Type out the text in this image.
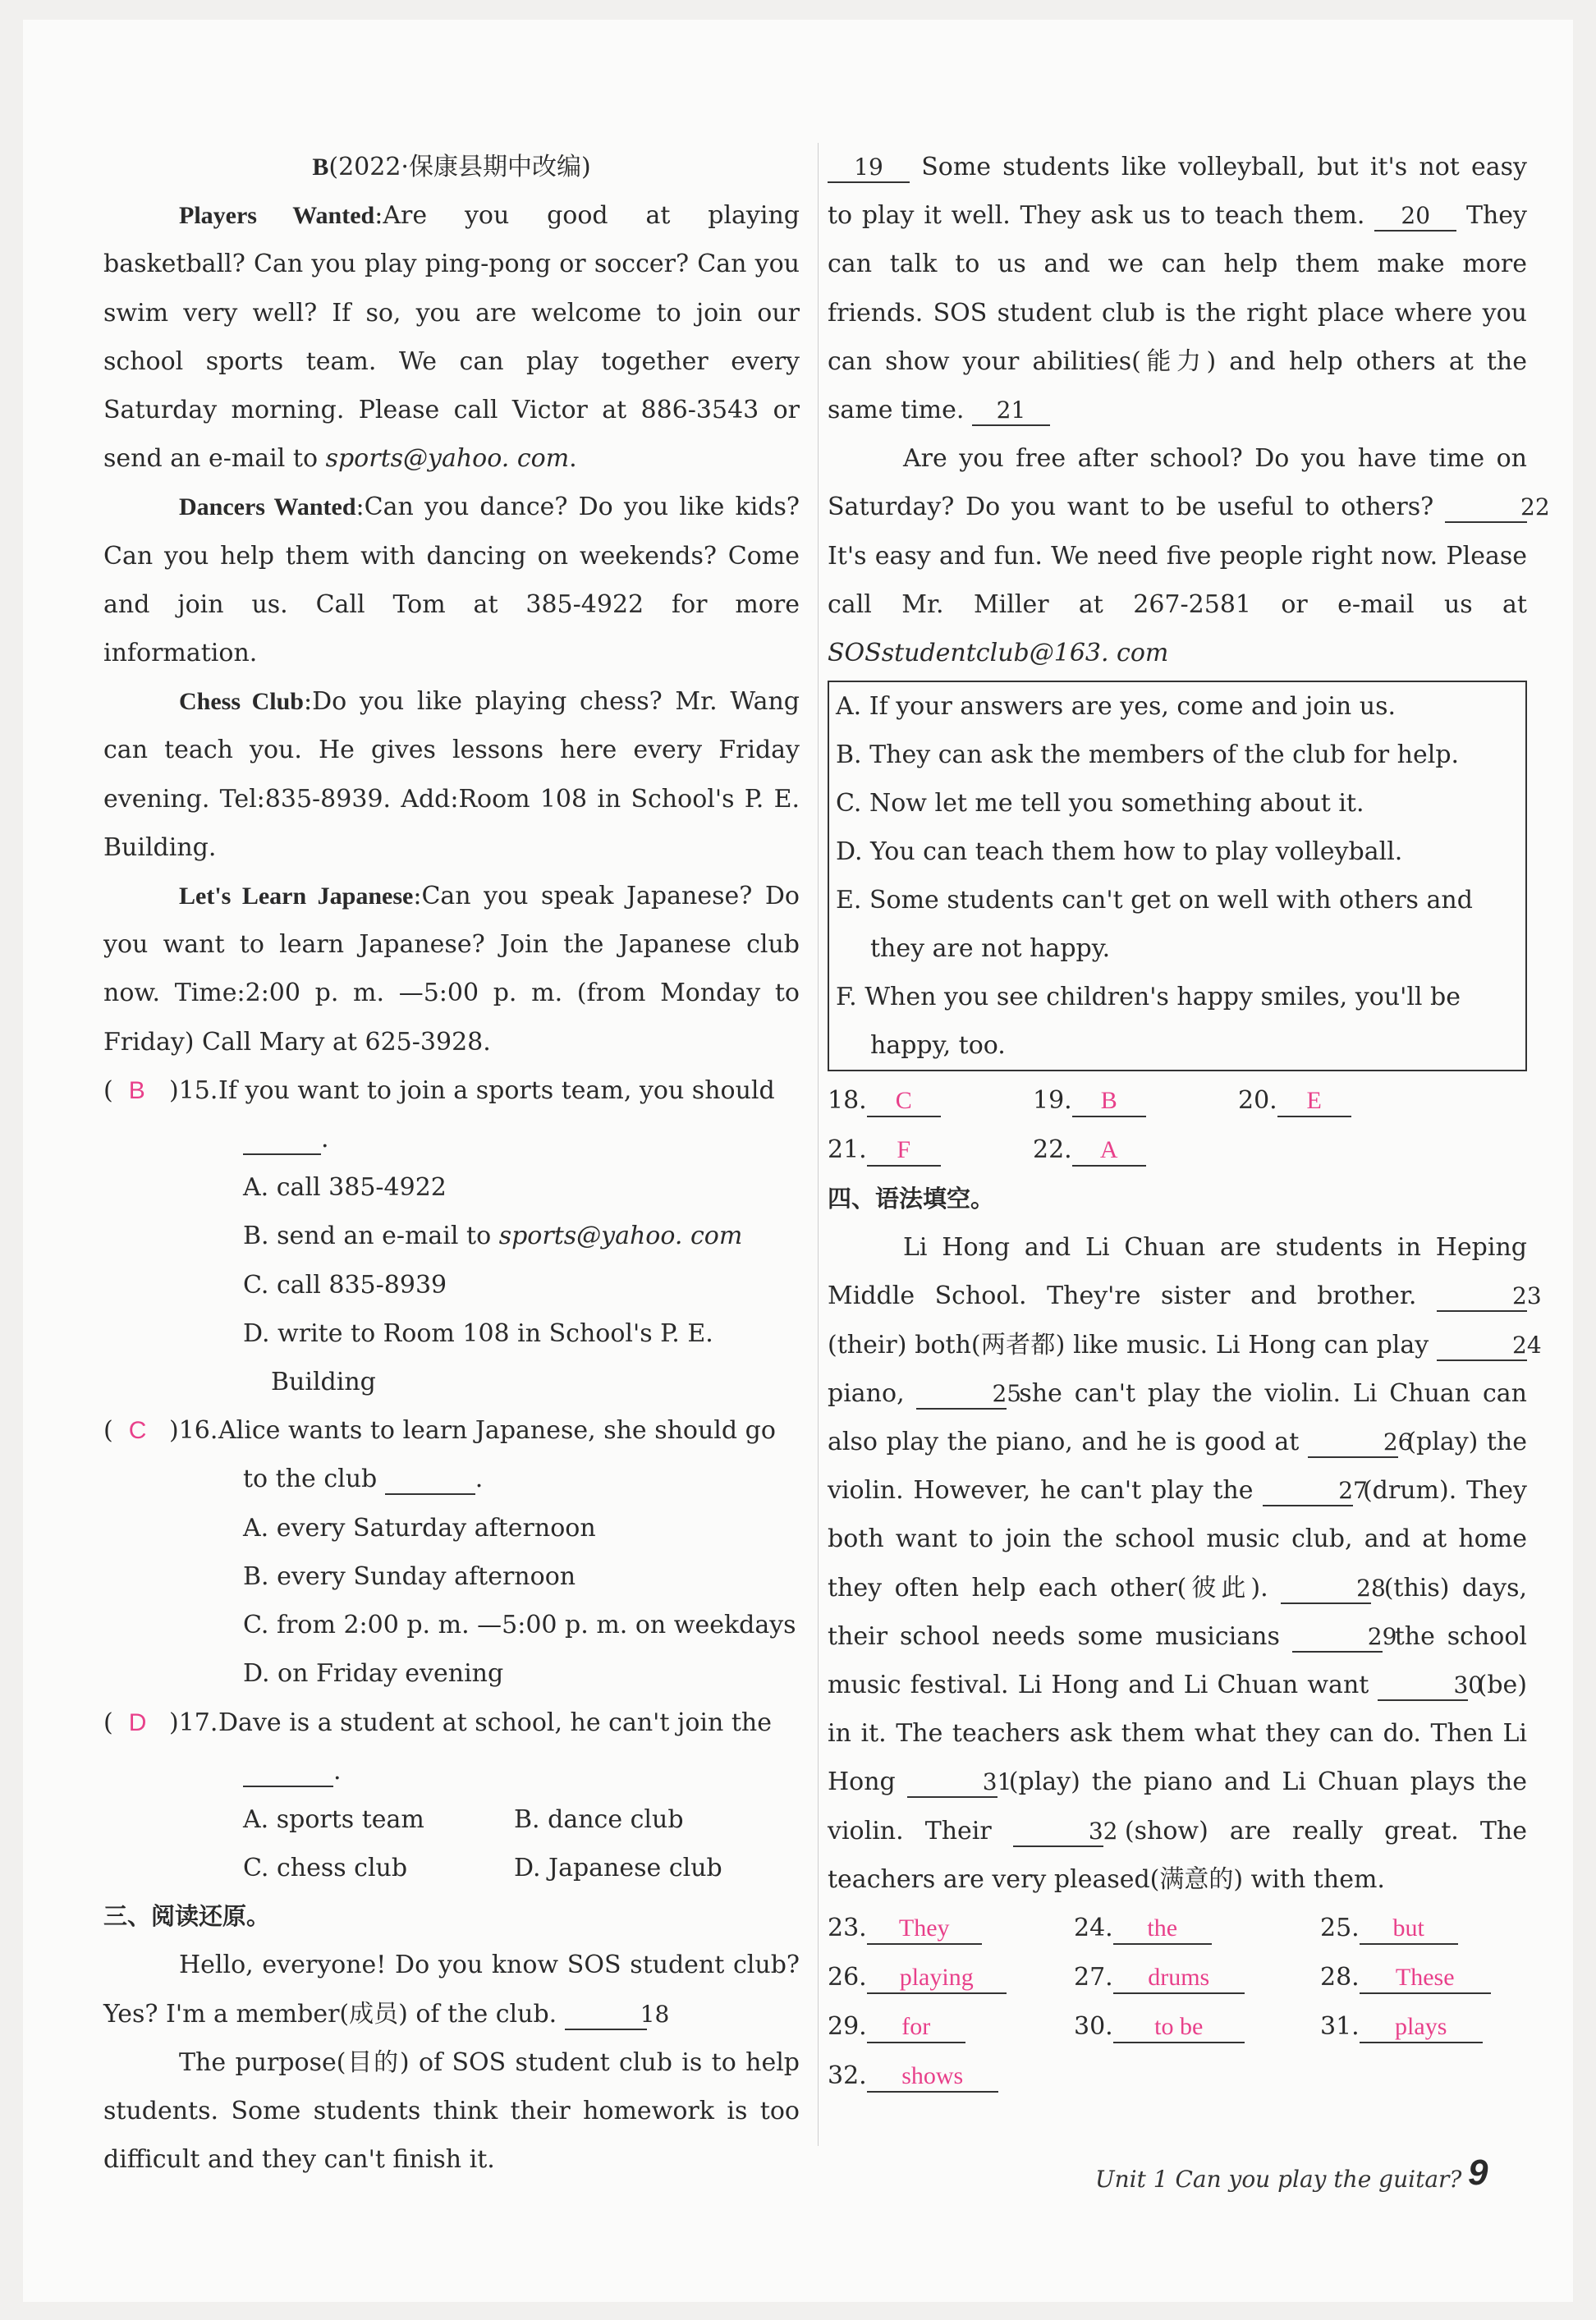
B(2022·保康县期中改编)

Players Wanted:Are you good at playing basketball? Can you play ping-pong or soccer? Can you swim very well? If so, you are welcome to join our school sports team. We can play together every Saturday morning. Please call Victor at 886-3543 or send an e-mail to sports@yahoo. com.

Dancers Wanted:Can you dance? Do you like kids? Can you help them with dancing on weekends? Come and join us. Call Tom at 385-4922 for more information.

Chess Club:Do you like playing chess? Mr. Wang can teach you. He gives lessons here every Friday evening. Tel:835-8939. Add:Room 108 in School's P. E. Building.

Let's Learn Japanese:Can you speak Japanese? Do you want to learn Japanese? Join the Japanese club now. Time:2:00 p. m. —5:00 p. m. (from Monday to Friday) Call Mary at 625-3928.

(  B )15. If you want to join a sports team, you should
.
A. call 385-4922
B. send an e-mail to sports@yahoo. com
C. call 835-8939
D. write to Room 108 in School's P. E. Building
(  C )16. Alice wants to learn Japanese, she should go
to the club	.
A. every Saturday afternoon
B. every Sunday afternoon
C. from 2:00 p. m. —5:00 p. m. on weekdays
D. on Friday evening
(  D )17. Dave is a student at school, he can't join the
.
A. sports team	B. dance club
C. chess club	D. Japanese club

三、阅读还原。

Hello, everyone! Do you know SOS student club? Yes? I'm a member(成员) of the club.	18

The purpose(目的) of SOS student club is to help students. Some students think their homework is too difficult and they can't finish it.

19 Some students like volleyball, but it's not easy to play it well. They ask us to teach them. 20 They can talk to us and we can help them make more friends. SOS student club is the right place where you can show your abilities(能力) and help others at the same time. 21

Are you free after school? Do you have time on Saturday? Do you want to be useful to others?	22 It's easy and fun. We need five people right now. Please call Mr. Miller at 267-2581 or e-mail us at SOSstudentclub@163. com

A. If your answers are yes, come and join us.
B. They can ask the members of the club for help.
C. Now let me tell you something about it.
D. You can teach them how to play volleyball.
E. Some students can't get on well with others and they are not happy.
F. When you see children's happy smiles, you'll be happy, too.
18.	C	19.	B	20.	E
21.	F	22.	A

四、语法填空。

Li Hong and Li Chuan are students in Heping Middle School. They're sister and brother.	23 (their) both(两者都) like music. Li Hong can play	24 piano,	25 she can't play the violin. Li Chuan can also play the piano, and he is good at	26 (play) the violin. However, he can't play the	27 (drum). They both want to join the school music club, and at home they often help each other(彼此).	28 (this) days, their school needs some musicians	29 the school music festival. Li Hong and Li Chuan want	30 (be) in it. The teachers ask them what they can do. Then Li Hong	31 (play) the piano and Li Chuan plays the violin. Their	32 (show) are really great. The teachers are very pleased(满意的) with them.

23.	They	24.	the	25.	but
26.	playing	27.	drums	28.	These
29.	for	30.	to be	31.	plays
32.	shows
Unit 1 Can you play the guitar? 9
